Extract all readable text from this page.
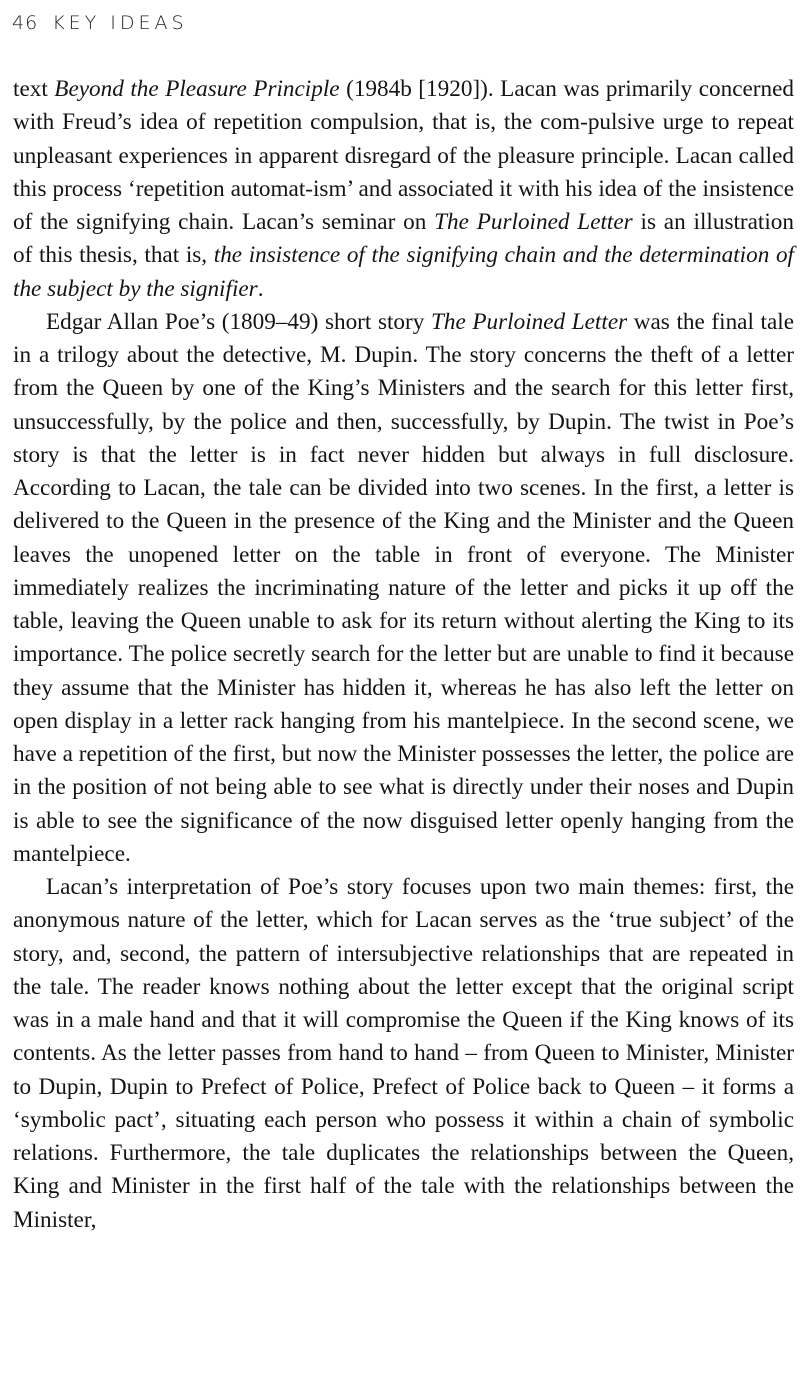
46 KEY IDEAS

text Beyond the Pleasure Principle (1984b [1920]). Lacan was primarily concerned with Freud’s idea of repetition compulsion, that is, the com-pulsive urge to repeat unpleasant experiences in apparent disregard of the pleasure principle. Lacan called this process ‘repetition automat-ism’ and associated it with his idea of the insistence of the signifying chain. Lacan’s seminar on The Purloined Letter is an illustration of this thesis, that is, the insistence of the signifying chain and the determination of the subject by the signifier.

Edgar Allan Poe’s (1809–49) short story The Purloined Letter was the final tale in a trilogy about the detective, M. Dupin. The story concerns the theft of a letter from the Queen by one of the King’s Ministers and the search for this letter first, unsuccessfully, by the police and then, successfully, by Dupin. The twist in Poe’s story is that the letter is in fact never hidden but always in full disclosure. According to Lacan, the tale can be divided into two scenes. In the first, a letter is delivered to the Queen in the presence of the King and the Minister and the Queen leaves the unopened letter on the table in front of everyone. The Minister immediately realizes the incriminating nature of the letter and picks it up off the table, leaving the Queen unable to ask for its return without alerting the King to its importance. The police secretly search for the letter but are unable to find it because they assume that the Minister has hidden it, whereas he has also left the letter on open display in a letter rack hanging from his mantelpiece. In the second scene, we have a repetition of the first, but now the Minister possesses the letter, the police are in the position of not being able to see what is directly under their noses and Dupin is able to see the significance of the now disguised letter openly hanging from the mantelpiece.

Lacan’s interpretation of Poe’s story focuses upon two main themes: first, the anonymous nature of the letter, which for Lacan serves as the ‘true subject’ of the story, and, second, the pattern of intersubjective relationships that are repeated in the tale. The reader knows nothing about the letter except that the original script was in a male hand and that it will compromise the Queen if the King knows of its contents. As the letter passes from hand to hand – from Queen to Minister, Minister to Dupin, Dupin to Prefect of Police, Prefect of Police back to Queen – it forms a ‘symbolic pact’, situating each person who possess it within a chain of symbolic relations. Furthermore, the tale duplicates the relationships between the Queen, King and Minister in the first half of the tale with the relationships between the Minister,
